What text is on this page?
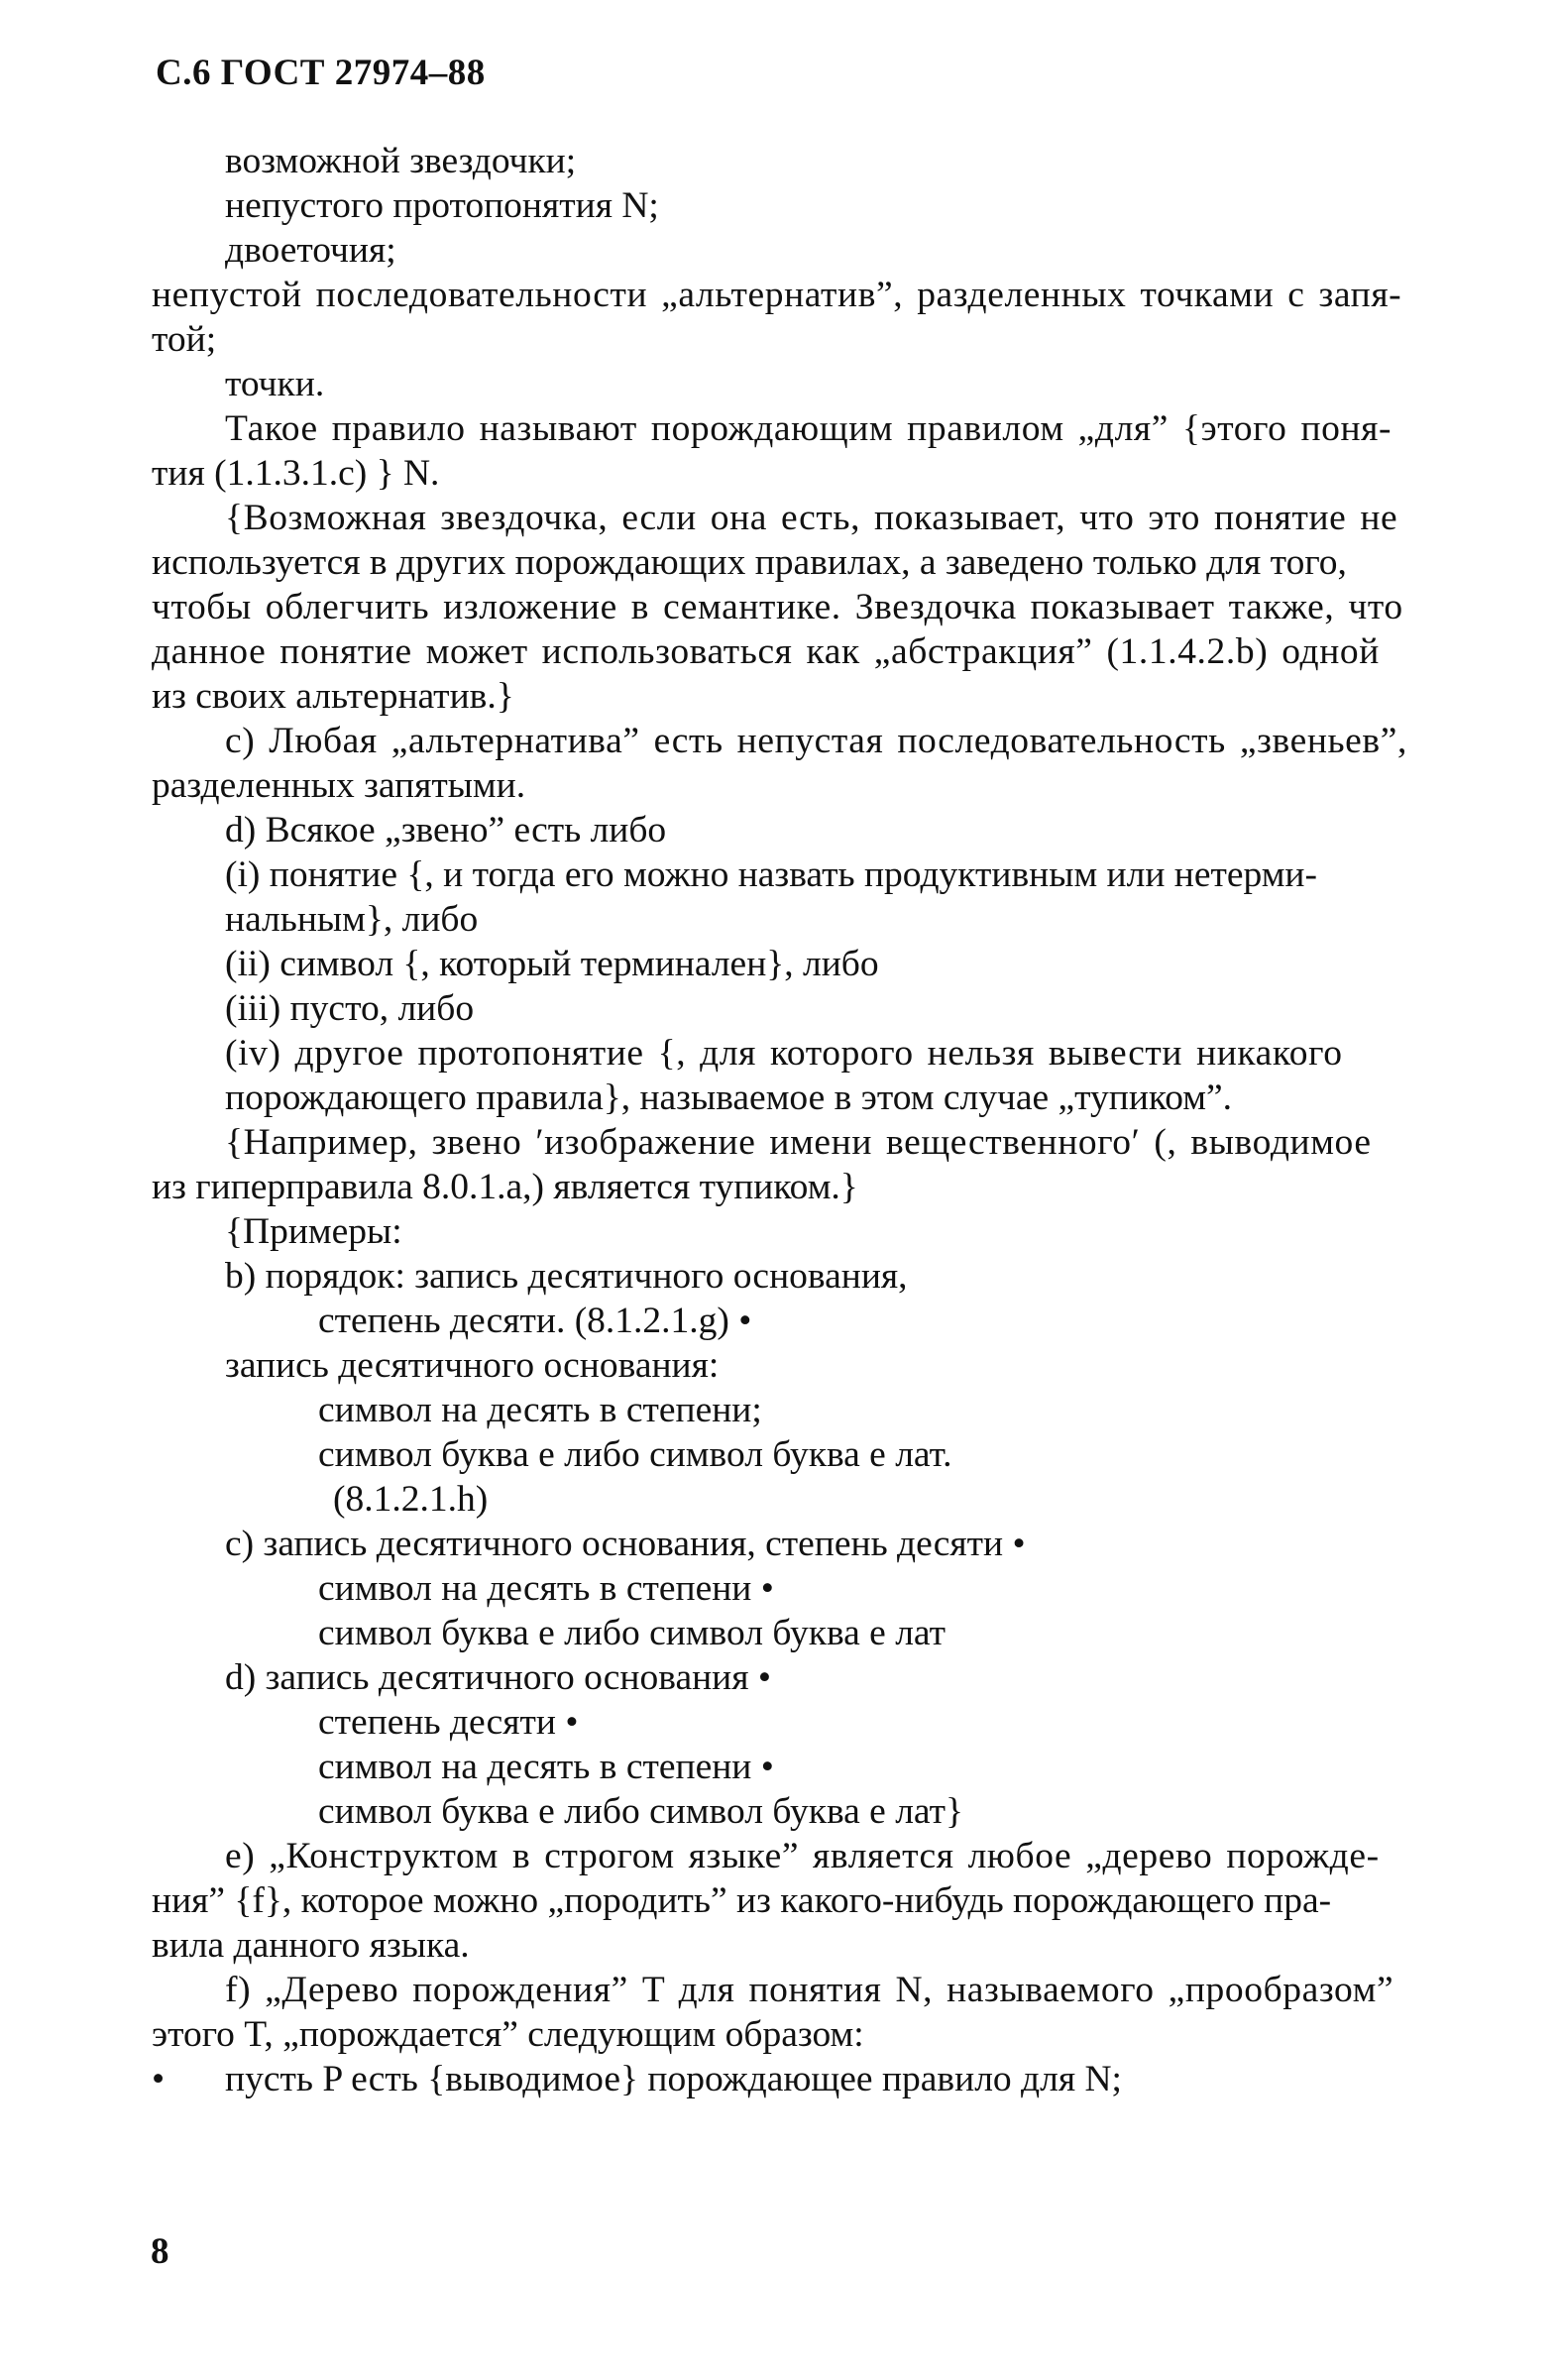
С.6 ГОСТ 27974–88
возможной звездочки;
непустого протопонятия N;
двоеточия;
непустой последовательности „альтернатив”, разделенных точками с запя-
той;
точки.
Такое правило называют порождающим правилом „для” {этого поня-
тия (1.1.3.1.c) } N.
{Возможная звездочка, если она есть, показывает, что это понятие не
используется в других порождающих правилах, а заведено только для того,
чтобы облегчить изложение в семантике. Звездочка показывает также, что
данное понятие может использоваться как „абстракция” (1.1.4.2.b) одной
из своих альтернатив.}
c) Любая „альтернатива” есть непустая последовательность „звеньев”,
разделенных запятыми.
d) Всякое „звено” есть либо
(i) понятие {, и тогда его можно назвать продуктивным или нетерми-
нальным}, либо
(ii) символ {, который терминален}, либо
(iii) пусто, либо
(iv) другое протопонятие {, для которого нельзя вывести никакого
порождающего правила}, называемое в этом случае „тупиком”.
{Например, звено ′изображение имени вещественного′ (, выводимое
из гиперправила 8.0.1.a,) является тупиком.}
{Примеры:
b) порядок: запись десятичного основания,
степень десяти. (8.1.2.1.g) •
запись десятичного основания:
символ на десять в степени;
символ буква е либо символ буква е лат.
(8.1.2.1.h)
c) запись десятичного основания, степень десяти •
символ на десять в степени •
символ буква е либо символ буква е лат
d) запись десятичного основания •
степень десяти •
символ на десять в степени •
символ буква е либо символ буква е лат}
e) „Конструктом в строгом языке” является любое „дерево порожде-
ния” {f}, которое можно „породить” из какого-нибудь порождающего пра-
вила данного языка.
f) „Дерево порождения” T для понятия N, называемого „прообразом”
этого T, „порождается” следующим образом:
• пусть P есть {выводимое} порождающее правило для N;
8
